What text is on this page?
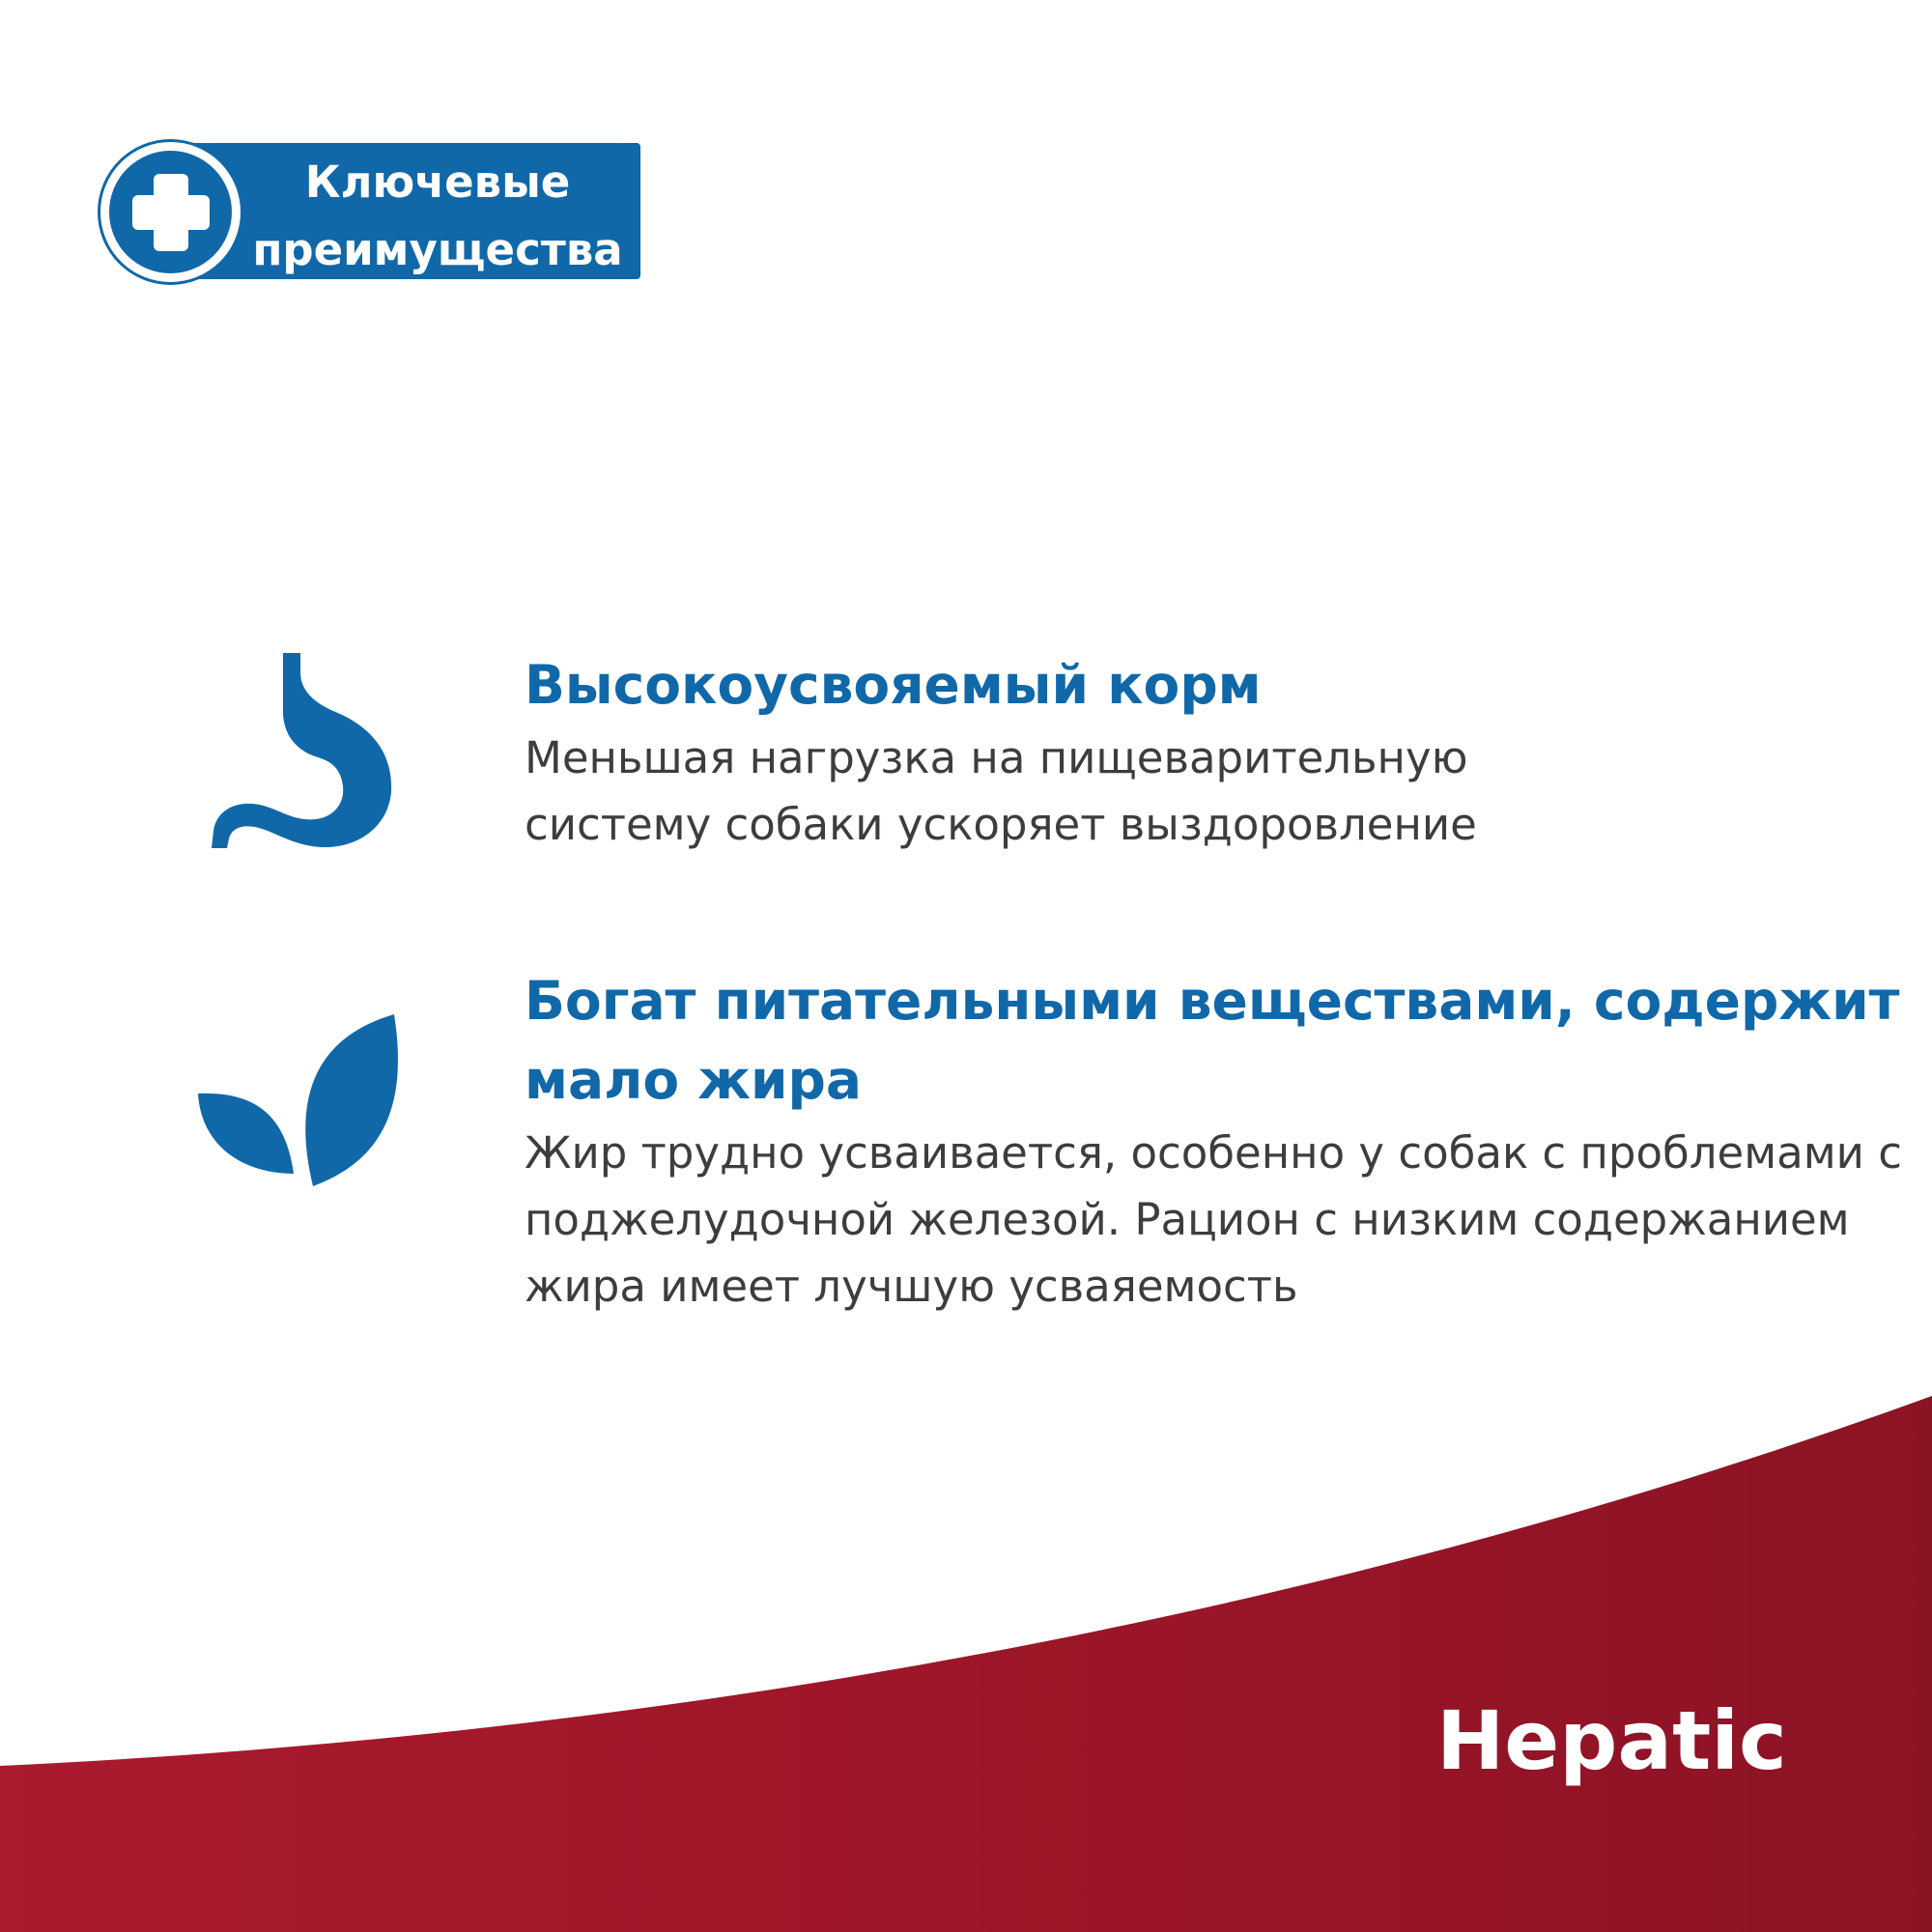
Ключевые
преимущества
Высокоусвояемый корм
Меньшая нагрузка на пищеварительную
систему собаки ускоряет выздоровление
Богат питательными веществами, содержит
мало жира
Жир трудно усваивается, особенно у собак с проблемами с
поджелудочной железой. Рацион с низким содержанием
жира имеет лучшую усваяемость
Hepatic
